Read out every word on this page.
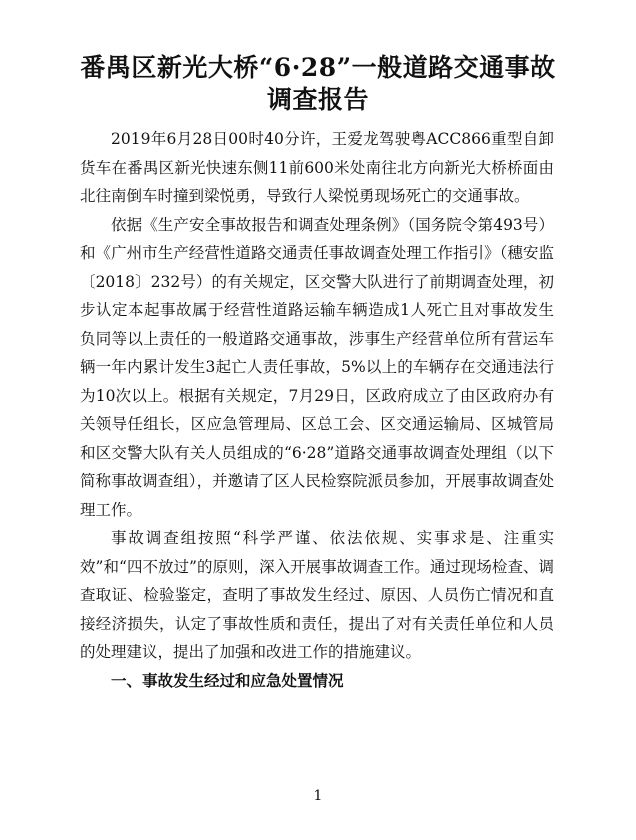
番禺区新光大桥“6·28”一般道路交通事故
调查报告

2019年6月28日00时40分许，王爱龙驾驶粤ACC866重型自卸货车在番禺区新光快速东侧11前600米处南往北方向新光大桥桥面由北往南倒车时撞到梁悦勇，导致行人梁悦勇现场死亡的交通事故。

依据《生产安全事故报告和调查处理条例》（国务院令第493号）和《广州市生产经营性道路交通责任事故调查处理工作指引》（穗安监〔2018〕232号）的有关规定，区交警大队进行了前期调查处理，初步认定本起事故属于经营性道路运输车辆造成1人死亡且对事故发生负同等以上责任的一般道路交通事故，涉事生产经营单位所有营运车辆一年内累计发生3起亡人责任事故，5%以上的车辆存在交通违法行为10次以上。根据有关规定，7月29日，区政府成立了由区政府办有关领导任组长，区应急管理局、区总工会、区交通运输局、区城管局和区交警大队有关人员组成的“6·28”道路交通事故调查处理组（以下简称事故调查组），并邀请了区人民检察院派员参加，开展事故调查处理工作。

事故调查组按照“科学严谨、依法依规、实事求是、注重实效”和“四不放过”的原则，深入开展事故调查工作。通过现场检查、调查取证、检验鉴定，查明了事故发生经过、原因、人员伤亡情况和直接经济损失，认定了事故性质和责任，提出了对有关责任单位和人员的处理建议，提出了加强和改进工作的措施建议。

一、事故发生经过和应急处置情况

1
